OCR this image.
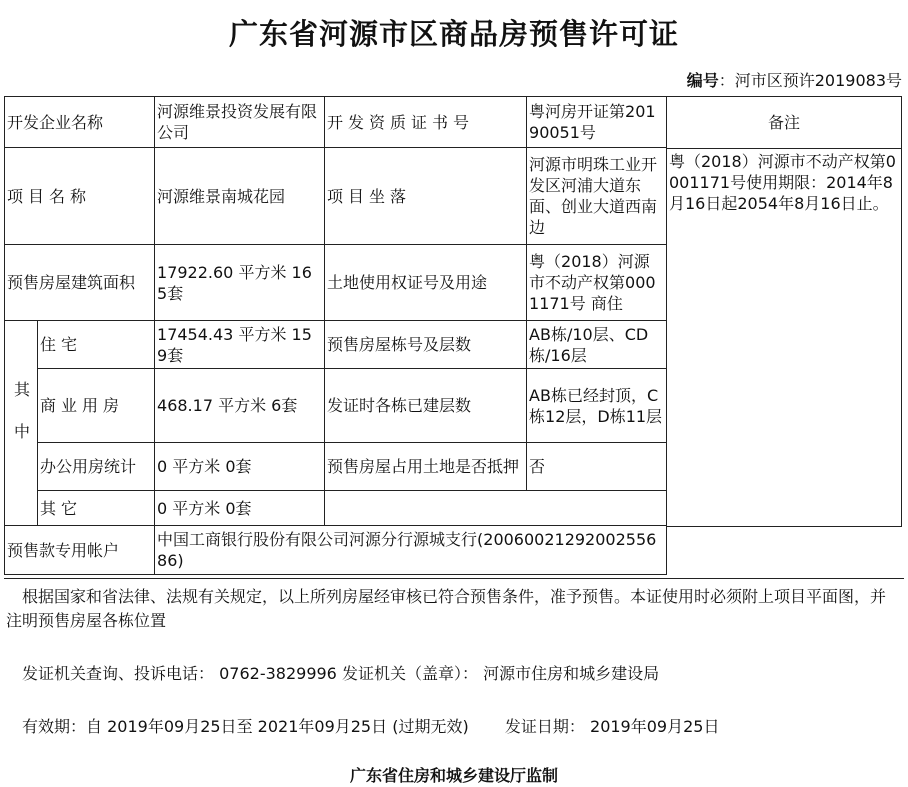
广东省河源市区商品房预售许可证
编号：河市区预许2019083号
开发企业名称		河源维景投资发展有限公司	开发资质证书号	粤河房开证第20190051号
项目名称		河源维景南城花园	项目坐落	河源市明珠工业开发区河浦大道东面、创业大道西南边
预售房屋建筑面积		17922.60 平方米 165套	土地使用权证号及用途	粤（2018）河源市不动产权第0001171号 商住

其中	住宅	17454.43 平方米 159套	预售房屋栋号及层数	AB栋/10层、CD栋/16层
	商业用房	468.17 平方米 6套	发证时各栋已建层数	AB栋已经封顶，C栋12层，D栋11层
	办公用房统计	0 平方米 0套	预售房屋占用土地是否抵押	否
	其它	0 平方米 0套		
预售款专用帐户		中国工商银行股份有限公司河源分行源城支行(2006002129200255686)		
备注
粤（2018）河源市不动产权第0001171号使用期限：2014年8月16日起2054年8月16日止。
根据国家和省法律、法规有关规定，以上所列房屋经审核已符合预售条件，准予预售。本证使用时必须附上项目平面图，并注明预售房屋各栋位置
发证机关查询、投诉电话： 0762-3829996 发证机关（盖章）： 河源市住房和城乡建设局
有效期：自 2019年09月25日至 2021年09月25日 (过期无效) 发证日期： 2019年09月25日
广东省住房和城乡建设厅监制
